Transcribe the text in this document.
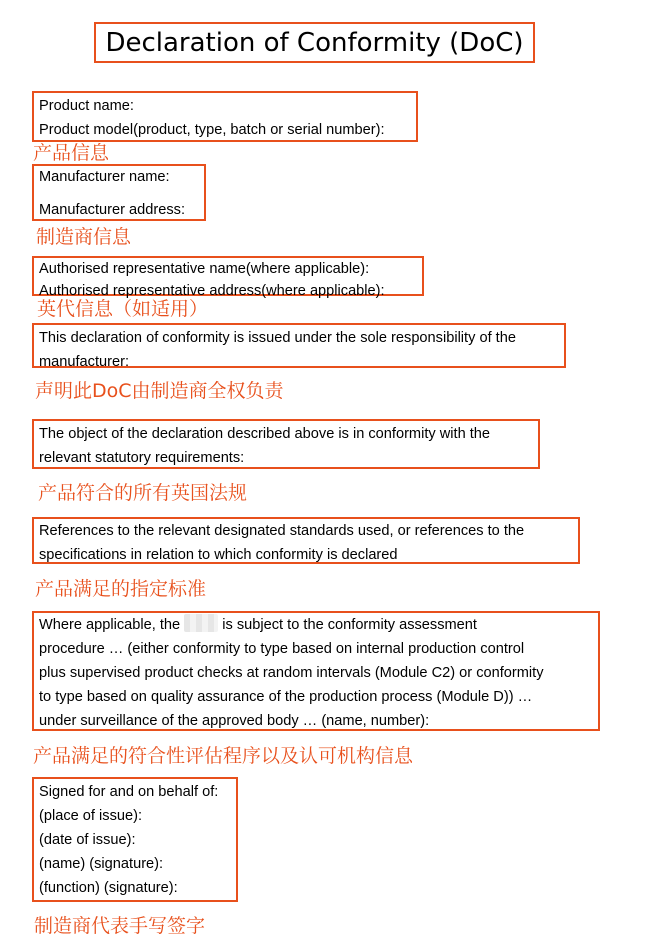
Declaration of Conformity (DoC)
Product name:
Product model(product, type, batch or serial number):
产品信息
Manufacturer name:
Manufacturer address:
制造商信息
Authorised representative name(where applicable):
Authorised representative address(where applicable):
英代信息（如适用）
This declaration of conformity is issued under the sole responsibility of the
manufacturer:
声明此DoC由制造商全权负责
The object of the declaration described above is in conformity with the
relevant statutory requirements:
产品符合的所有英国法规
References to the relevant designated standards used, or references to the
specifications in relation to which conformity is declared
产品满足的指定标准
Where applicable, the	is subject to the conformity assessment
procedure … (either conformity to type based on internal production control
plus supervised product checks at random intervals (Module C2) or conformity
to type based on quality assurance of the production process (Module D)) …
under surveillance of the approved body … (name, number):
产品满足的符合性评估程序以及认可机构信息
Signed for and on behalf of:
(place of issue):
(date of issue):
(name) (signature):
(function) (signature):
制造商代表手写签字
